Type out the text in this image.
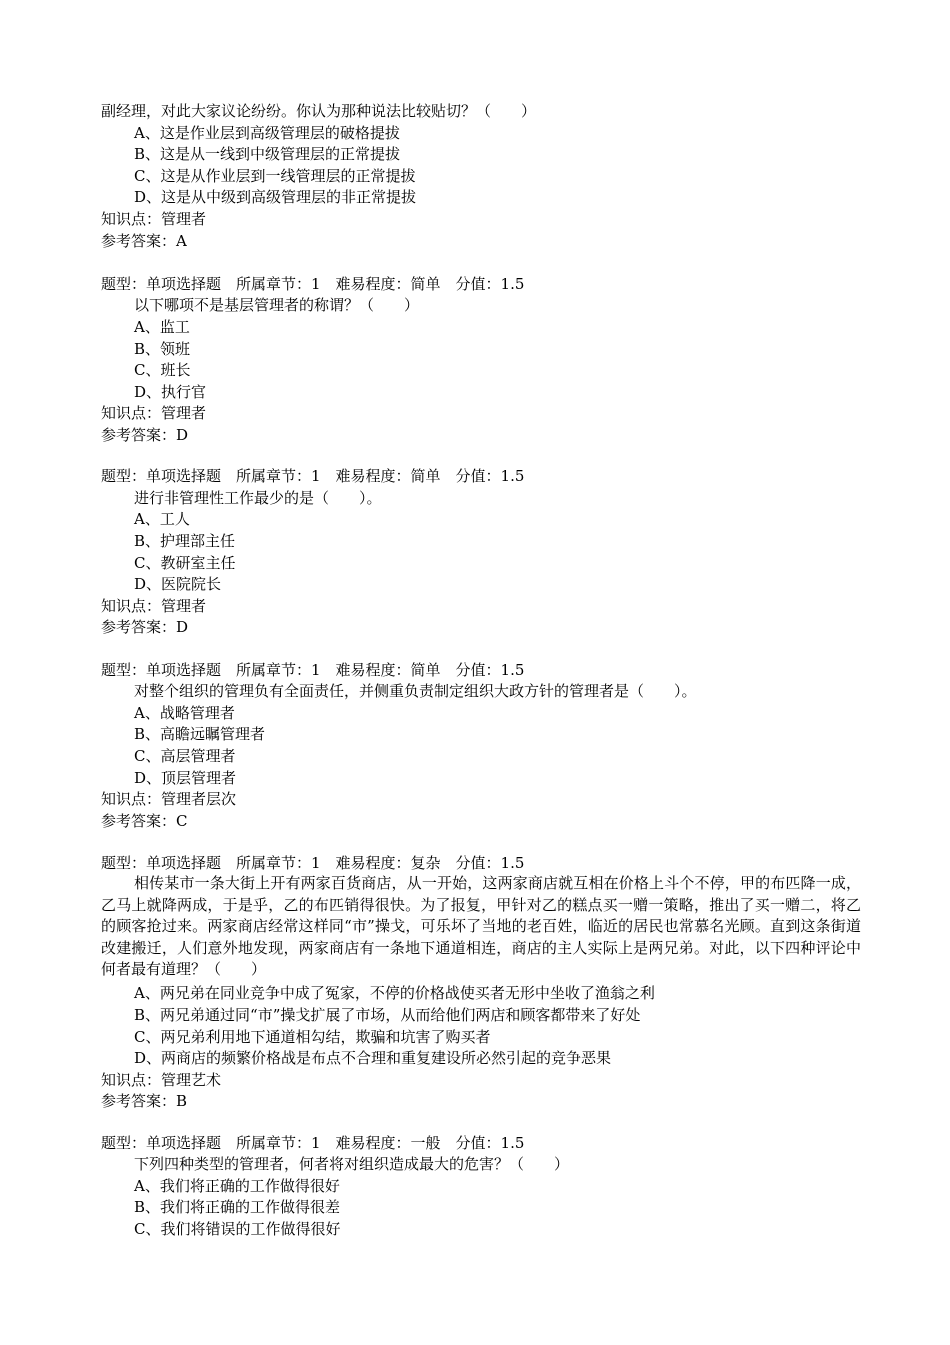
副经理，对此大家议论纷纷。你认为那种说法比较贴切？（　　）
A、这是作业层到高级管理层的破格提拔
B、这是从一线到中级管理层的正常提拔
C、这是从作业层到一线管理层的正常提拔
D、这是从中级到高级管理层的非正常提拔
知识点：管理者
参考答案：A
题型：单项选择题　所属章节：1　难易程度：简单　分值：1.5
以下哪项不是基层管理者的称谓？（　　）
A、监工
B、领班
C、班长
D、执行官
知识点：管理者
参考答案：D
题型：单项选择题　所属章节：1　难易程度：简单　分值：1.5
进行非管理性工作最少的是（　　）。
A、工人
B、护理部主任
C、教研室主任
D、医院院长
知识点：管理者
参考答案：D
题型：单项选择题　所属章节：1　难易程度：简单　分值：1.5
对整个组织的管理负有全面责任，并侧重负责制定组织大政方针的管理者是（　　）。
A、战略管理者
B、高瞻远瞩管理者
C、高层管理者
D、顶层管理者
知识点：管理者层次
参考答案：C
题型：单项选择题　所属章节：1　难易程度：复杂　分值：1.5
相传某市一条大街上开有两家百货商店，从一开始，这两家商店就互相在价格上斗个不停，甲的布匹降一成，乙马上就降两成，于是乎，乙的布匹销得很快。为了报复，甲针对乙的糕点买一赠一策略，推出了买一赠二，将乙的顾客抢过来。两家商店经常这样同“市”操戈，可乐坏了当地的老百姓，临近的居民也常慕名光顾。直到这条街道改建搬迁，人们意外地发现，两家商店有一条地下通道相连，商店的主人实际上是两兄弟。对此，以下四种评论中何者最有道理？（　　）
A、两兄弟在同业竞争中成了冤家，不停的价格战使买者无形中坐收了渔翁之利
B、两兄弟通过同“市”操戈扩展了市场，从而给他们两店和顾客都带来了好处
C、两兄弟利用地下通道相勾结，欺骗和坑害了购买者
D、两商店的频繁价格战是布点不合理和重复建设所必然引起的竞争恶果
知识点：管理艺术
参考答案：B
题型：单项选择题　所属章节：1　难易程度：一般　分值：1.5
下列四种类型的管理者，何者将对组织造成最大的危害？（　　）
A、我们将正确的工作做得很好
B、我们将正确的工作做得很差
C、我们将错误的工作做得很好
